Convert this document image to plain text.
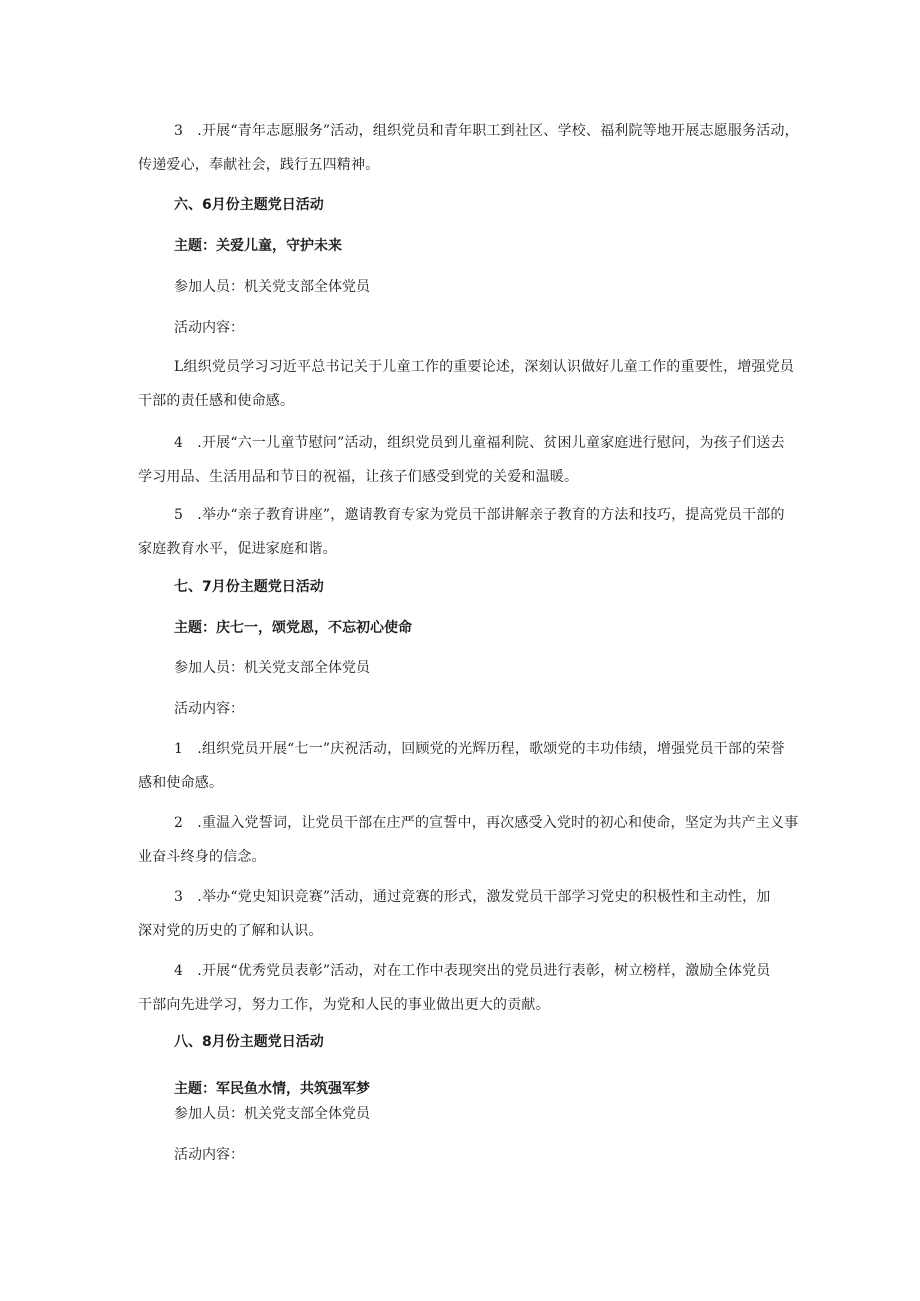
3　.开展“青年志愿服务”活动，组织党员和青年职工到社区、学校、福利院等地开展志愿服务活动，
传递爱心，奉献社会，践行五四精神。
六、6月份主题党日活动
主题：关爱儿童，守护未来
参加人员：机关党支部全体党员
活动内容：
L组织党员学习习近平总书记关于儿童工作的重要论述，深刻认识做好儿童工作的重要性，增强党员
干部的责任感和使命感。
4　.开展“六一儿童节慰问”活动，组织党员到儿童福利院、贫困儿童家庭进行慰问，为孩子们送去
学习用品、生活用品和节日的祝福，让孩子们感受到党的关爱和温暖。
5　.举办“亲子教育讲座”，邀请教育专家为党员干部讲解亲子教育的方法和技巧，提高党员干部的
家庭教育水平，促进家庭和谐。
七、7月份主题党日活动
主题：庆七一，颂党恩，不忘初心使命
参加人员：机关党支部全体党员
活动内容：
1　.组织党员开展“七一”庆祝活动，回顾党的光辉历程，歌颂党的丰功伟绩，增强党员干部的荣誉
感和使命感。
2　.重温入党誓词，让党员干部在庄严的宣誓中，再次感受入党时的初心和使命，坚定为共产主义事
业奋斗终身的信念。
3　.举办“党史知识竞赛”活动，通过竞赛的形式，激发党员干部学习党史的积极性和主动性，加
深对党的历史的了解和认识。
4　.开展“优秀党员表彰”活动，对在工作中表现突出的党员进行表彰，树立榜样，激励全体党员
干部向先进学习，努力工作，为党和人民的事业做出更大的贡献。
八、8月份主题党日活动
主题：军民鱼水情，共筑强军梦
参加人员：机关党支部全体党员
活动内容：
